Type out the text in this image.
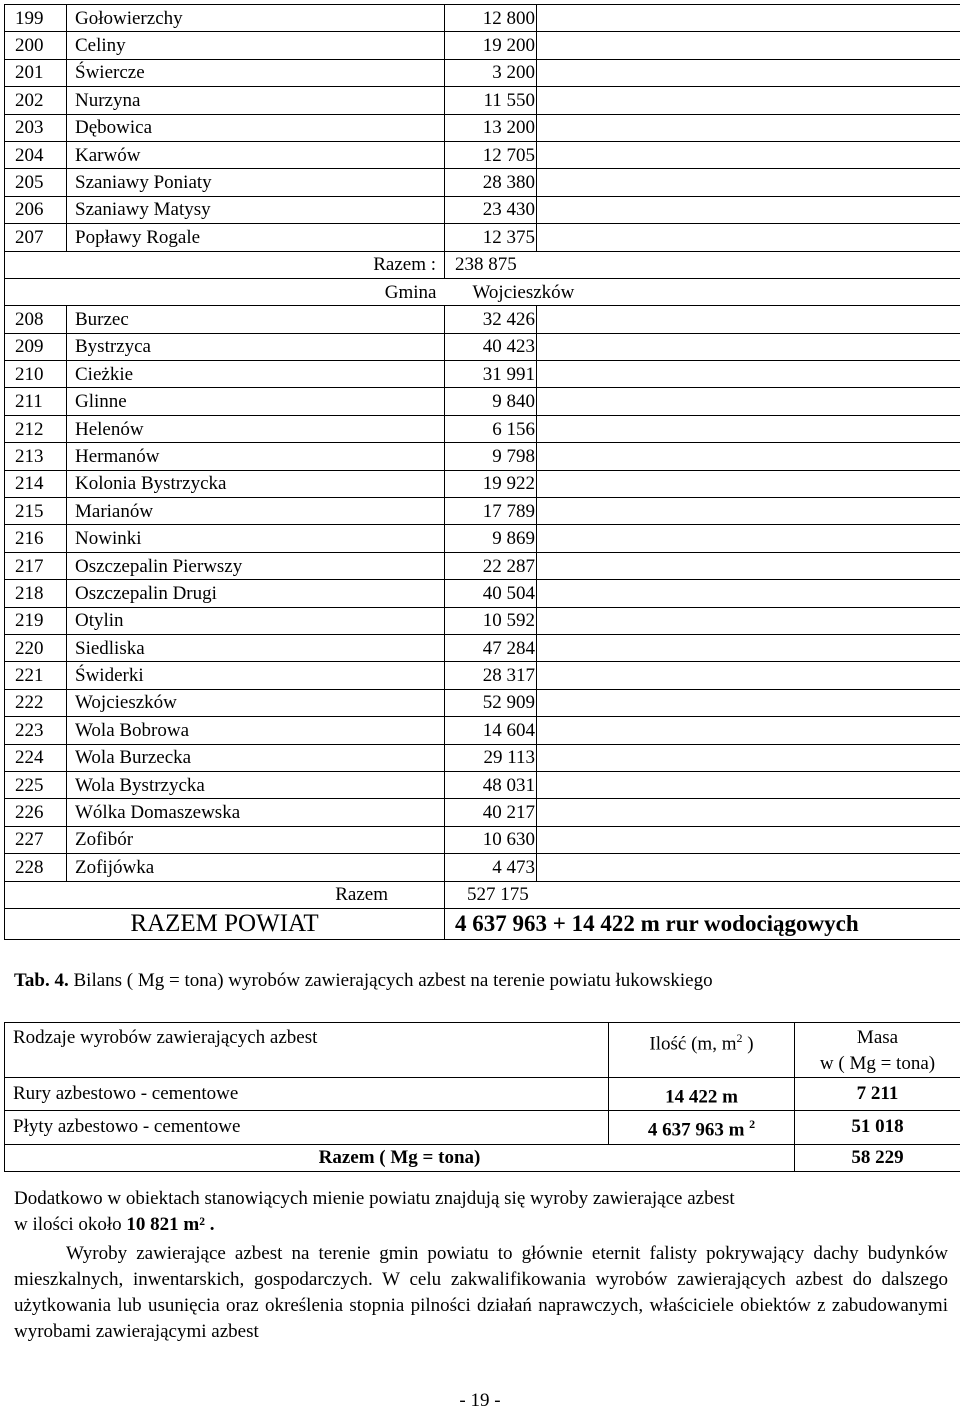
199	Gołowierzchy	12 800	
200	Celiny	19 200	
201	Świercze	3 200	
202	Nurzyna	11 550	
203	Dębowica	13 200	
204	Karwów	12 705	
205	Szaniawy Poniaty	28 380	
206	Szaniawy Matysy	23 430	
207	Popławy Rogale	12 375	
Razem :		238 875	
Gmina		Wojcieszków	
208	Burzec	32 426	
209	Bystrzyca	40 423	
210	Cieżkie	31 991	
211	Glinne	9 840	
212	Helenów	6 156	
213	Hermanów	9 798	
214	Kolonia Bystrzycka	19 922	
215	Marianów	17 789	
216	Nowinki	9 869	
217	Oszczepalin Pierwszy	22 287	
218	Oszczepalin Drugi	40 504	
219	Otylin	10 592	
220	Siedliska	47 284	
221	Świderki	28 317	
222	Wojcieszków	52 909	
223	Wola Bobrowa	14 604	
224	Wola Burzecka	29 113	
225	Wola Bystrzycka	48 031	
226	Wólka Domaszewska	40 217	
227	Zofibór	10 630	
228	Zofijówka	4 473	
Razem		527 175	
RAZEM POWIAT		4 637 963 + 14 422 m rur wodociągowych	

Tab. 4. Bilans ( Mg = tona) wyrobów zawierających azbest na terenie powiatu łukowskiego

Rodzaje wyrobów zawierających azbest	Ilość (m, $m^2$ )	Masa
w ( Mg = tona)

Rury azbestowo - cementowe	14 422 m	7 211
Płyty azbestowo - cementowe	4 637 963 m $^2$	51 018
Razem ( Mg = tona)		58 229

Dodatkowo w obiektach stanowiących mienie powiatu znajdują się wyroby zawierające azbest
w ilości około 10 821 m² .

Wyroby zawierające azbest na terenie gmin powiatu to głównie eternit falisty pokrywający dachy budynków mieszkalnych, inwentarskich, gospodarczych. W celu zakwalifikowania wyrobów zawierających azbest do dalszego użytkowania lub usunięcia oraz określenia stopnia pilności działań naprawczych, właściciele obiektów z zabudowanymi wyrobami zawierającymi azbest

- 19 -
